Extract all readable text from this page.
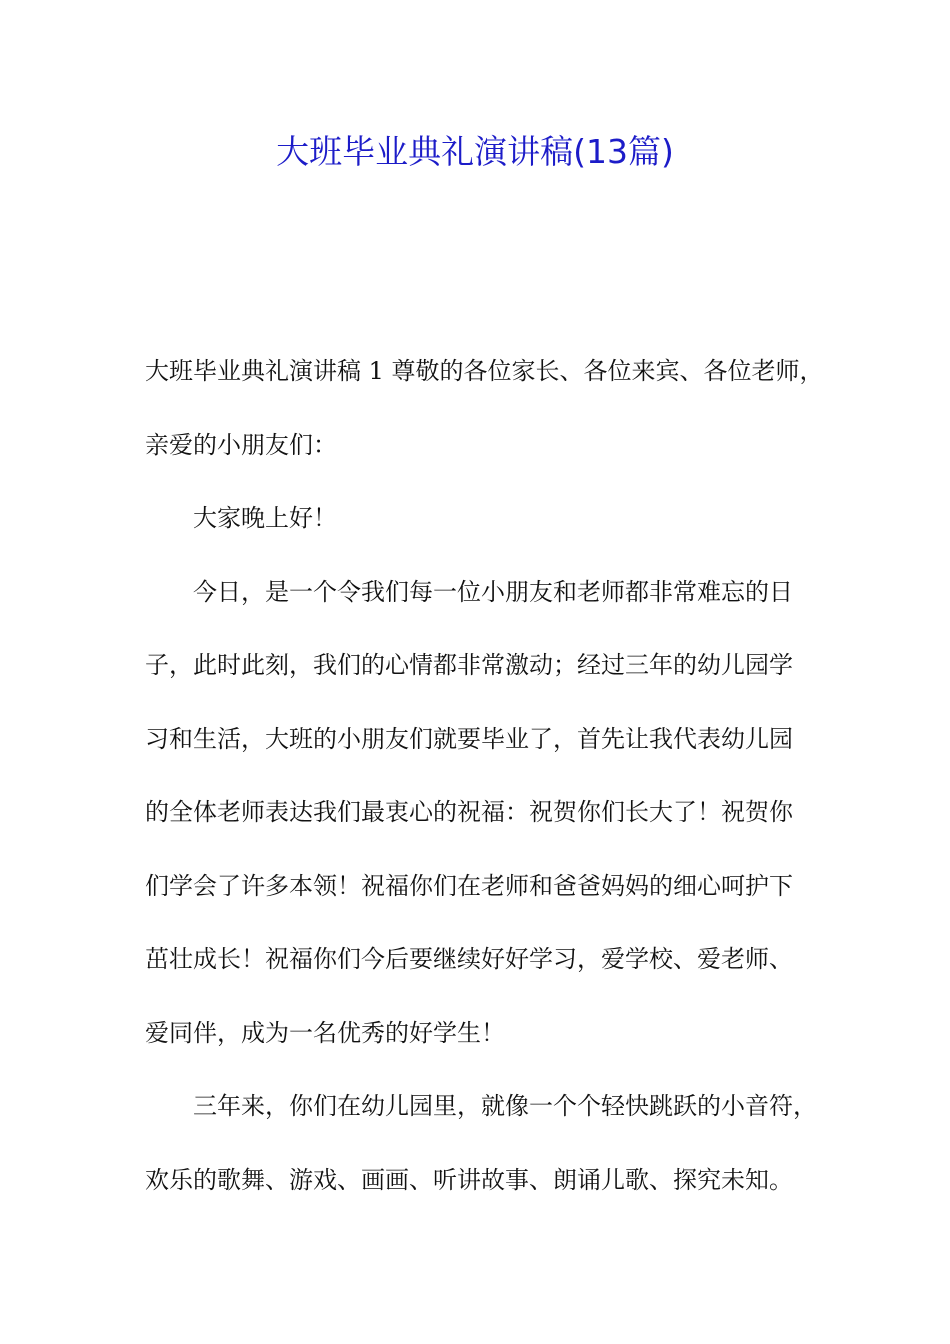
大班毕业典礼演讲稿(13篇)
大班毕业典礼演讲稿 1 尊敬的各位家长、各位来宾、各位老师，
亲爱的小朋友们：
大家晚上好！
今日，是一个令我们每一位小朋友和老师都非常难忘的日
子，此时此刻，我们的心情都非常激动；经过三年的幼儿园学
习和生活，大班的小朋友们就要毕业了，首先让我代表幼儿园
的全体老师表达我们最衷心的祝福：祝贺你们长大了！祝贺你
们学会了许多本领！祝福你们在老师和爸爸妈妈的细心呵护下
茁壮成长！祝福你们今后要继续好好学习，爱学校、爱老师、
爱同伴，成为一名优秀的好学生！
三年来，你们在幼儿园里，就像一个个轻快跳跃的小音符，
欢乐的歌舞、游戏、画画、听讲故事、朗诵儿歌、探究未知。
